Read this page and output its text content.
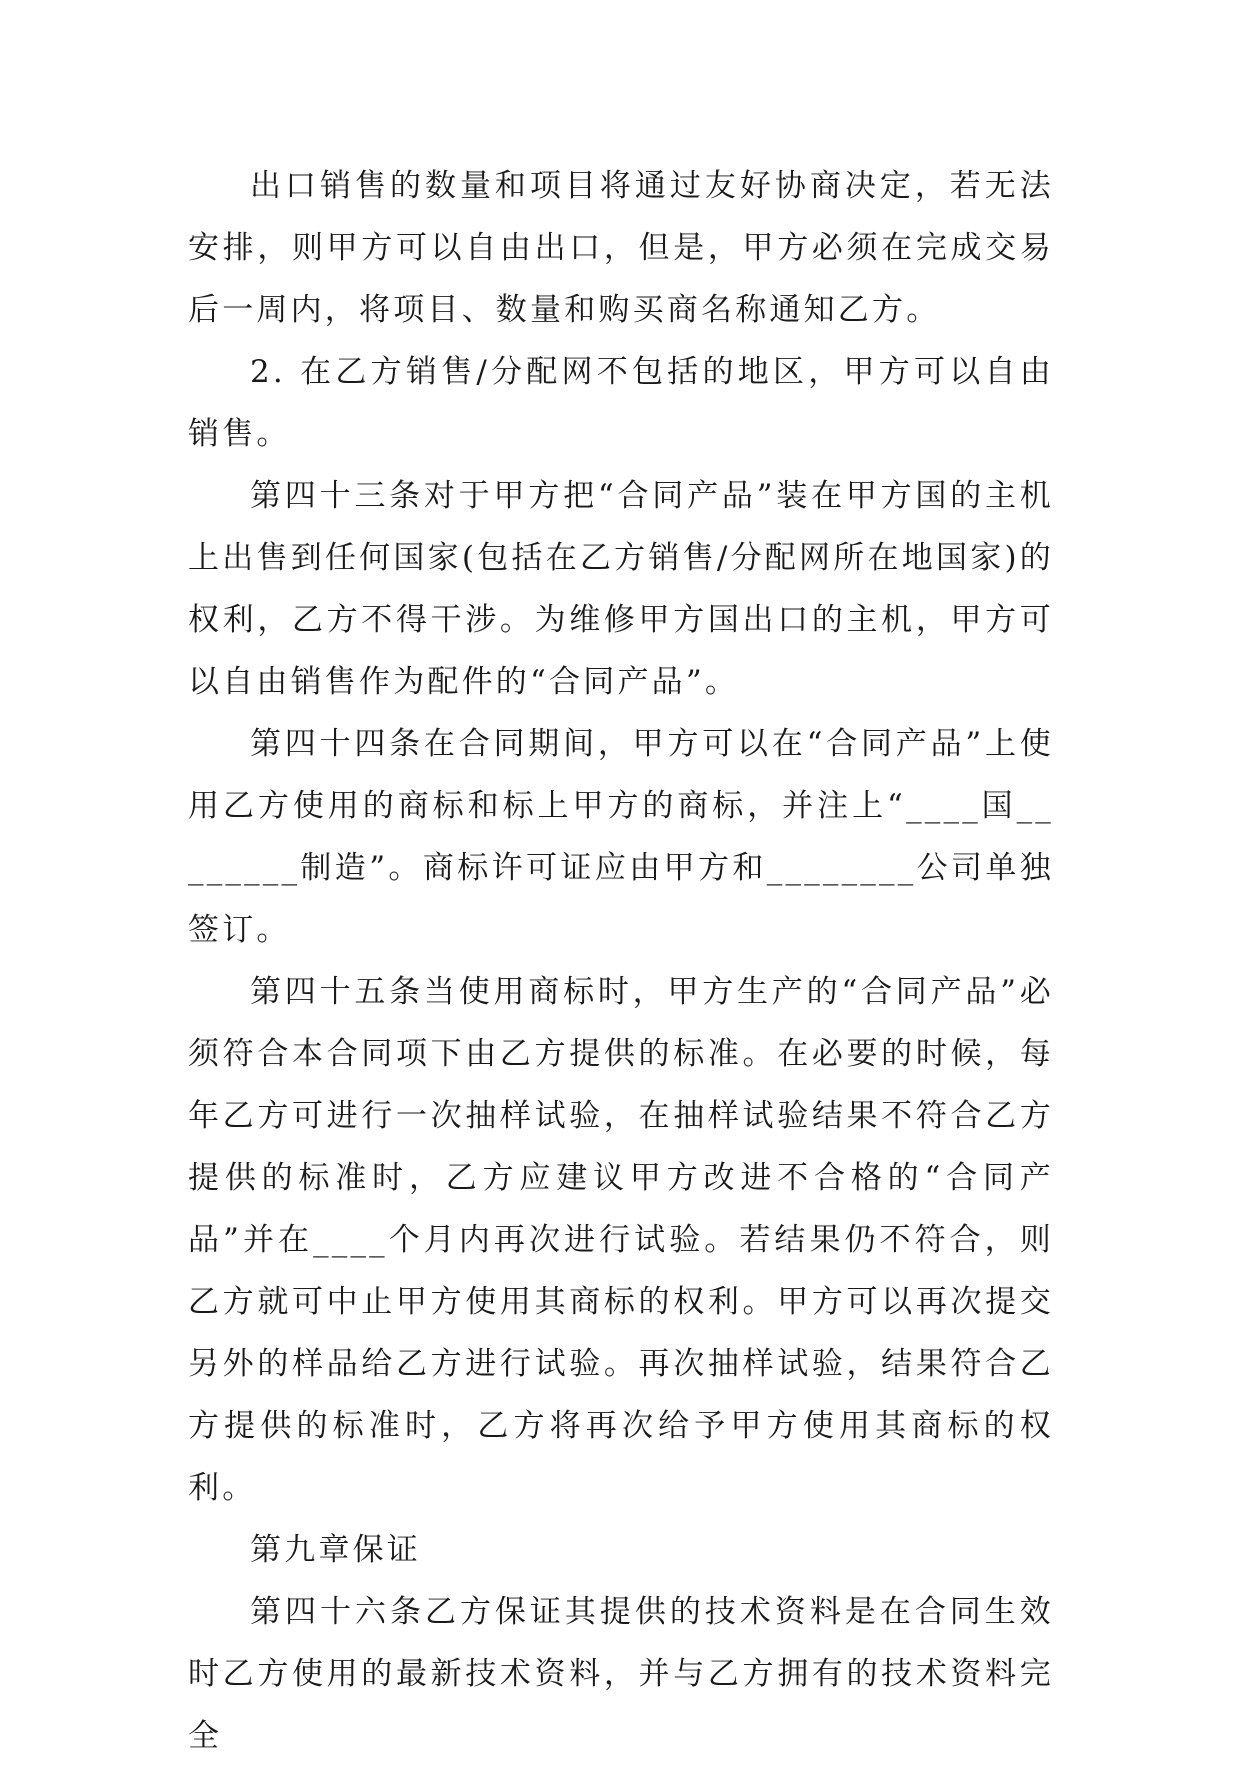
出口销售的数量和项目将通过友好协商决定，若无法安排，则甲方可以自由出口，但是，甲方必须在完成交易后一周内，将项目、数量和购买商名称通知乙方。

2. 在乙方销售/分配网不包括的地区，甲方可以自由销售。

第四十三条对于甲方把“合同产品”装在甲方国的主机上出售到任何国家(包括在乙方销售/分配网所在地国家)的权利，乙方不得干涉。为维修甲方国出口的主机，甲方可以自由销售作为配件的“合同产品”。

第四十四条在合同期间，甲方可以在“合同产品”上使用乙方使用的商标和标上甲方的商标，并注上“____国________制造”。商标许可证应由甲方和________公司单独签订。

第四十五条当使用商标时，甲方生产的“合同产品”必须符合本合同项下由乙方提供的标准。在必要的时候，每年乙方可进行一次抽样试验，在抽样试验结果不符合乙方提供的标准时，乙方应建议甲方改进不合格的“合同产品”并在____个月内再次进行试验。若结果仍不符合，则乙方就可中止甲方使用其商标的权利。甲方可以再次提交另外的样品给乙方进行试验。再次抽样试验，结果符合乙方提供的标准时，乙方将再次给予甲方使用其商标的权利。

第九章保证

第四十六条乙方保证其提供的技术资料是在合同生效时乙方使用的最新技术资料，并与乙方拥有的技术资料完全
